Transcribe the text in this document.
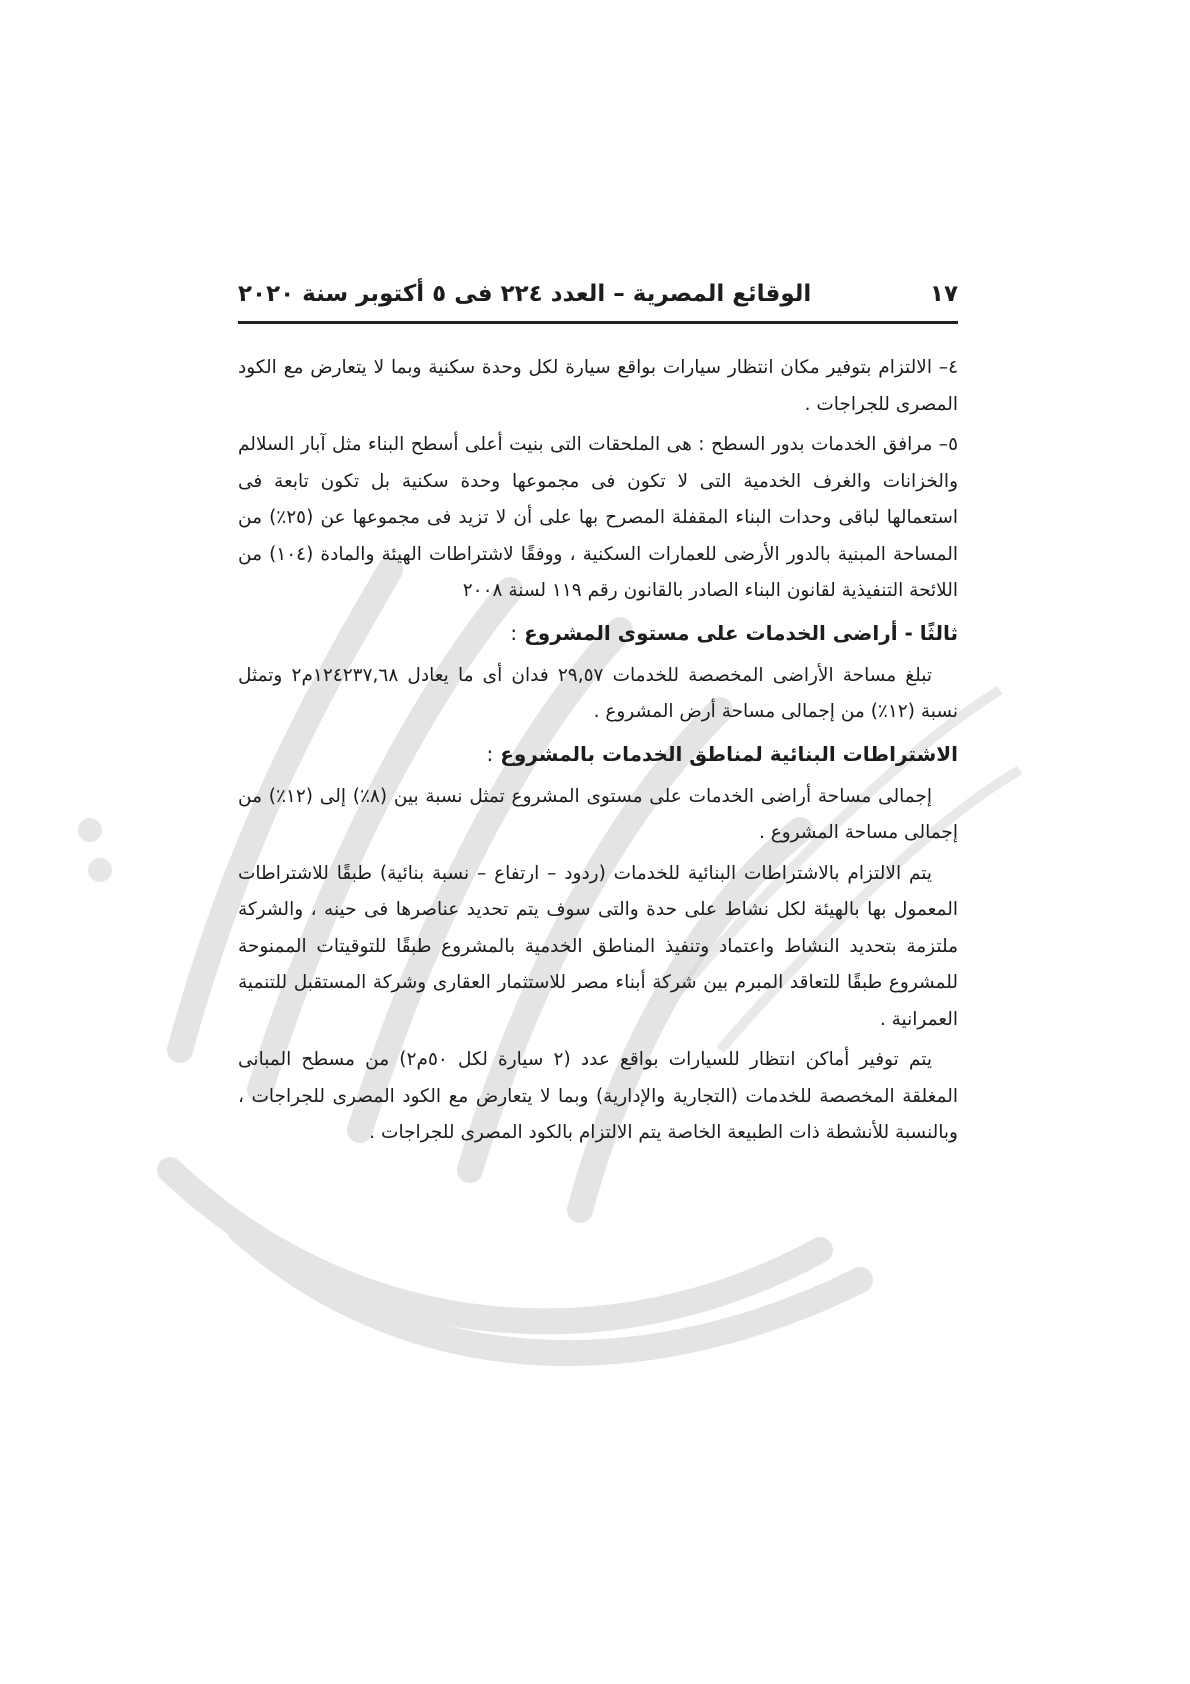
الوقائع المصرية – العدد ٢٢٤ فى ٥ أكتوبر سنة ٢٠٢٠	١٧

٤– الالتزام بتوفير مكان انتظار سيارات بواقع سيارة لكل وحدة سكنية وبما لا يتعارض مع الكود المصرى للجراجات .

٥– مرافق الخدمات بدور السطح : هى الملحقات التى بنيت أعلى أسطح البناء مثل آبار السلالم والخزانات والغرف الخدمية التى لا تكون فى مجموعها وحدة سكنية بل تكون تابعة فى استعمالها لباقى وحدات البناء المقفلة المصرح بها على أن لا تزيد فى مجموعها عن (٢٥٪) من المساحة المبنية بالدور الأرضى للعمارات السكنية ، ووفقًا لاشتراطات الهيئة والمادة (١٠٤) من اللائحة التنفيذية لقانون البناء الصادر بالقانون رقم ١١٩ لسنة ٢٠٠٨

ثالثًا - أراضى الخدمات على مستوى المشروع :

تبلغ مساحة الأراضى المخصصة للخدمات ٢٩,٥٧ فدان أى ما يعادل ١٢٤٢٣٧,٦٨م٢ وتمثل نسبة (١٢٪) من إجمالى مساحة أرض المشروع .

الاشتراطات البنائية لمناطق الخدمات بالمشروع :

إجمالى مساحة أراضى الخدمات على مستوى المشروع تمثل نسبة بين (٨٪) إلى (١٢٪) من إجمالى مساحة المشروع .

يتم الالتزام بالاشتراطات البنائية للخدمات (ردود – ارتفاع – نسبة بنائية) طبقًا للاشتراطات المعمول بها بالهيئة لكل نشاط على حدة والتى سوف يتم تحديد عناصرها فى حينه ، والشركة ملتزمة بتحديد النشاط واعتماد وتنفيذ المناطق الخدمية بالمشروع طبقًا للتوقيتات الممنوحة للمشروع طبقًا للتعاقد المبرم بين شركة أبناء مصر للاستثمار العقارى وشركة المستقبل للتنمية العمرانية .

يتم توفير أماكن انتظار للسيارات بواقع عدد (٢ سيارة لكل ٥٠م٢) من مسطح المبانى المغلقة المخصصة للخدمات (التجارية والإدارية) وبما لا يتعارض مع الكود المصرى للجراجات ، وبالنسبة للأنشطة ذات الطبيعة الخاصة يتم الالتزام بالكود المصرى للجراجات .
